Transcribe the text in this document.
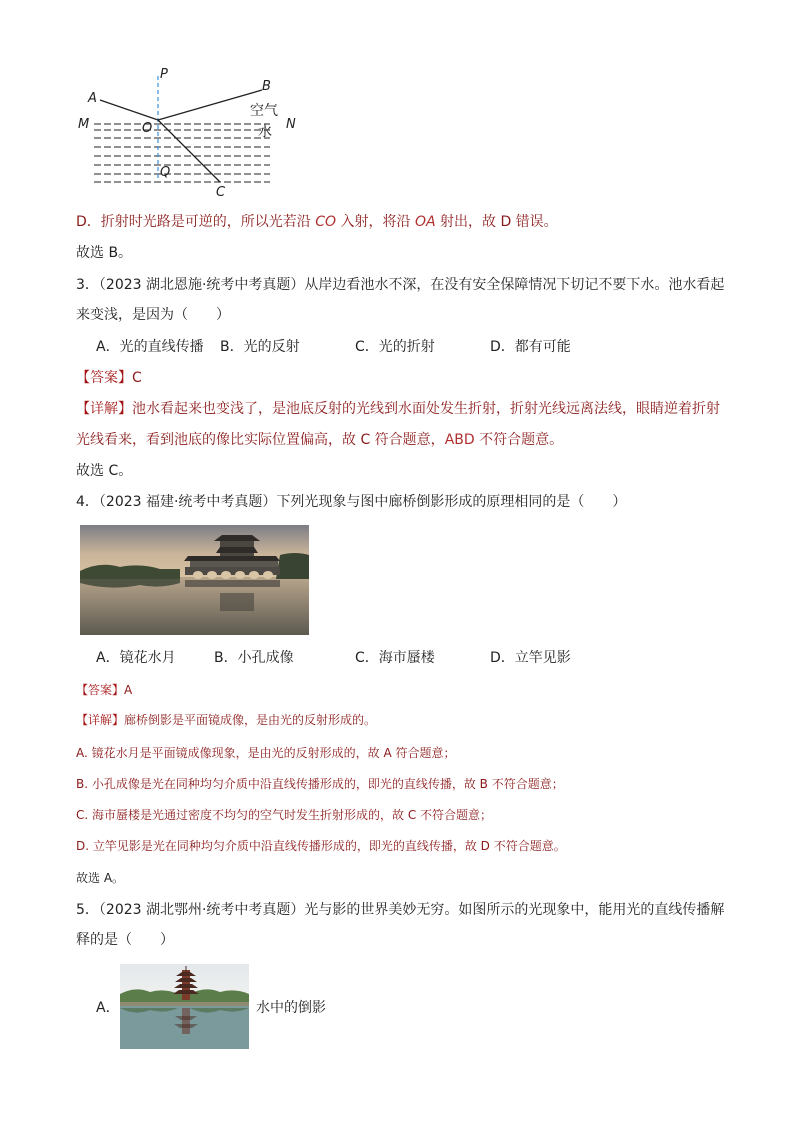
P
A
B
M	O	N
Q
C
空气
水
D．折射时光路是可逆的，所以光若沿 CO 入射，将沿 OA 射出，故 D 错误。
故选 B。
3．（2023 湖北恩施·统考中考真题）从岸边看池水不深，在没有安全保障情况下切记不要下水。池水看起
来变浅，是因为（　　）
A．光的直线传播 B．光的反射	C．光的折射	D．都有可能
【答案】C
【详解】池水看起来也变浅了，是池底反射的光线到水面处发生折射，折射光线远离法线，眼睛逆着折射
光线看来，看到池底的像比实际位置偏高，故 C 符合题意，ABD 不符合题意。
故选 C。
4．（2023 福建·统考中考真题）下列光现象与图中廊桥倒影形成的原理相同的是（　　）
A．镜花水月	B．小孔成像	C．海市蜃楼	D．立竿见影
【答案】A
【详解】廊桥倒影是平面镜成像，是由光的反射形成的。
A. 镜花水月是平面镜成像现象，是由光的反射形成的，故 A 符合题意；
B. 小孔成像是光在同种均匀介质中沿直线传播形成的，即光的直线传播，故 B 不符合题意；
C. 海市蜃楼是光通过密度不均匀的空气时发生折射形成的，故 C 不符合题意；
D. 立竿见影是光在同种均匀介质中沿直线传播形成的，即光的直线传播，故 D 不符合题意。
故选 A。
5．（2023 湖北鄂州·统考中考真题）光与影的世界美妙无穷。如图所示的光现象中，能用光的直线传播解
释的是（　　）
A．	水中的倒影
